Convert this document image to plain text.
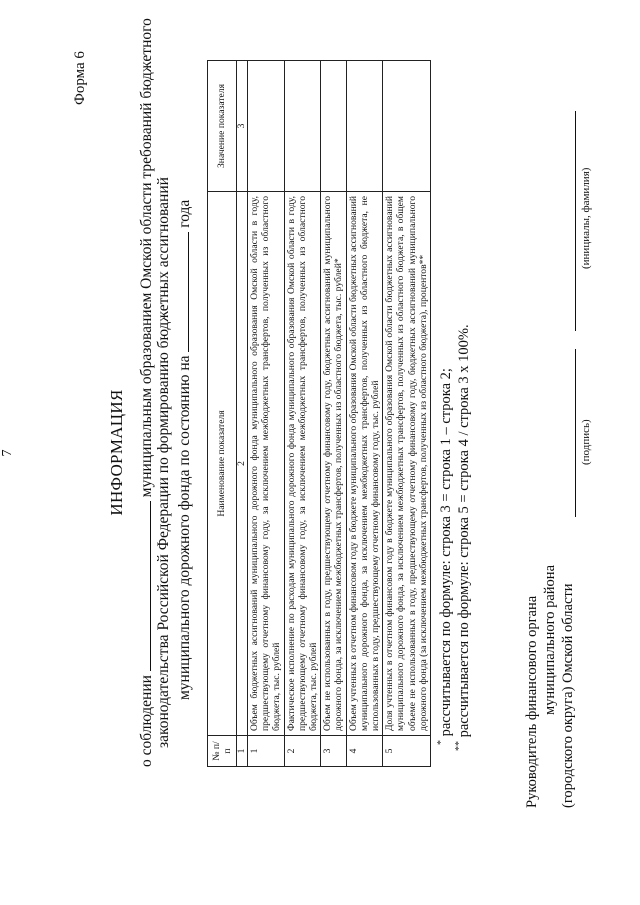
7
Форма 6
ИНФОРМАЦИЯ
о соблюдении  муниципальным образованием Омской области требований бюджетного законодательства Российской Федерации по формированию бюджетных ассигнований муниципального дорожного фонда по состоянию на  года
№ п/п	Наименование показателя	Значение показателя
1	2	3
1	Объем бюджетных ассигнований муниципального дорожного фонда муниципального образования Омской области в году, предшествующему отчетному финансовому году, за исключением межбюджетных трансфертов, полученных из областного бюджета, тыс. рублей	
2	Фактическое исполнение по расходам муниципального дорожного фонда муниципального образования Омской области в году, предшествующему отчетному финансовому году, за исключением межбюджетных трансфертов, полученных из областного бюджета, тыс. рублей	
3	Объем не использованных в году, предшествующему отчетному финансовому году, бюджетных ассигнований муниципального дорожного фонда, за исключением межбюджетных трансфертов, полученных из областного бюджета, тыс. рублей*	
4	Объем учтенных в отчетном финансовом году в бюджете муниципального образования Омской области бюджетных ассигнований муниципального дорожного фонда, за исключением межбюджетных трансфертов, полученных из областного бюджета, не использованных в году, предшествующему отчетному финансовому году, тыс. рублей	
5	Доля учтенных в отчетном финансовом году в бюджете муниципального образования Омской области бюджетных ассигнований муниципального дорожного фонда, за исключением межбюджетных трансфертов, полученных из областного бюджета, в общем объеме не использованных в году, предшествующему отчетному финансовому году, бюджетных ассигнований муниципального дорожного фонда (за исключением межбюджетных трансфертов, полученных из областного бюджета), процентов**	
* рассчитывается по формуле: строка 3 = строка 1 – строка 2;
** рассчитывается по формуле: строка 5 = строка 4 / строка 3 х 100%.	Руководитель финансового органа муниципального района (городского округа) Омской области
(подпись)
(инициалы, фамилия)
